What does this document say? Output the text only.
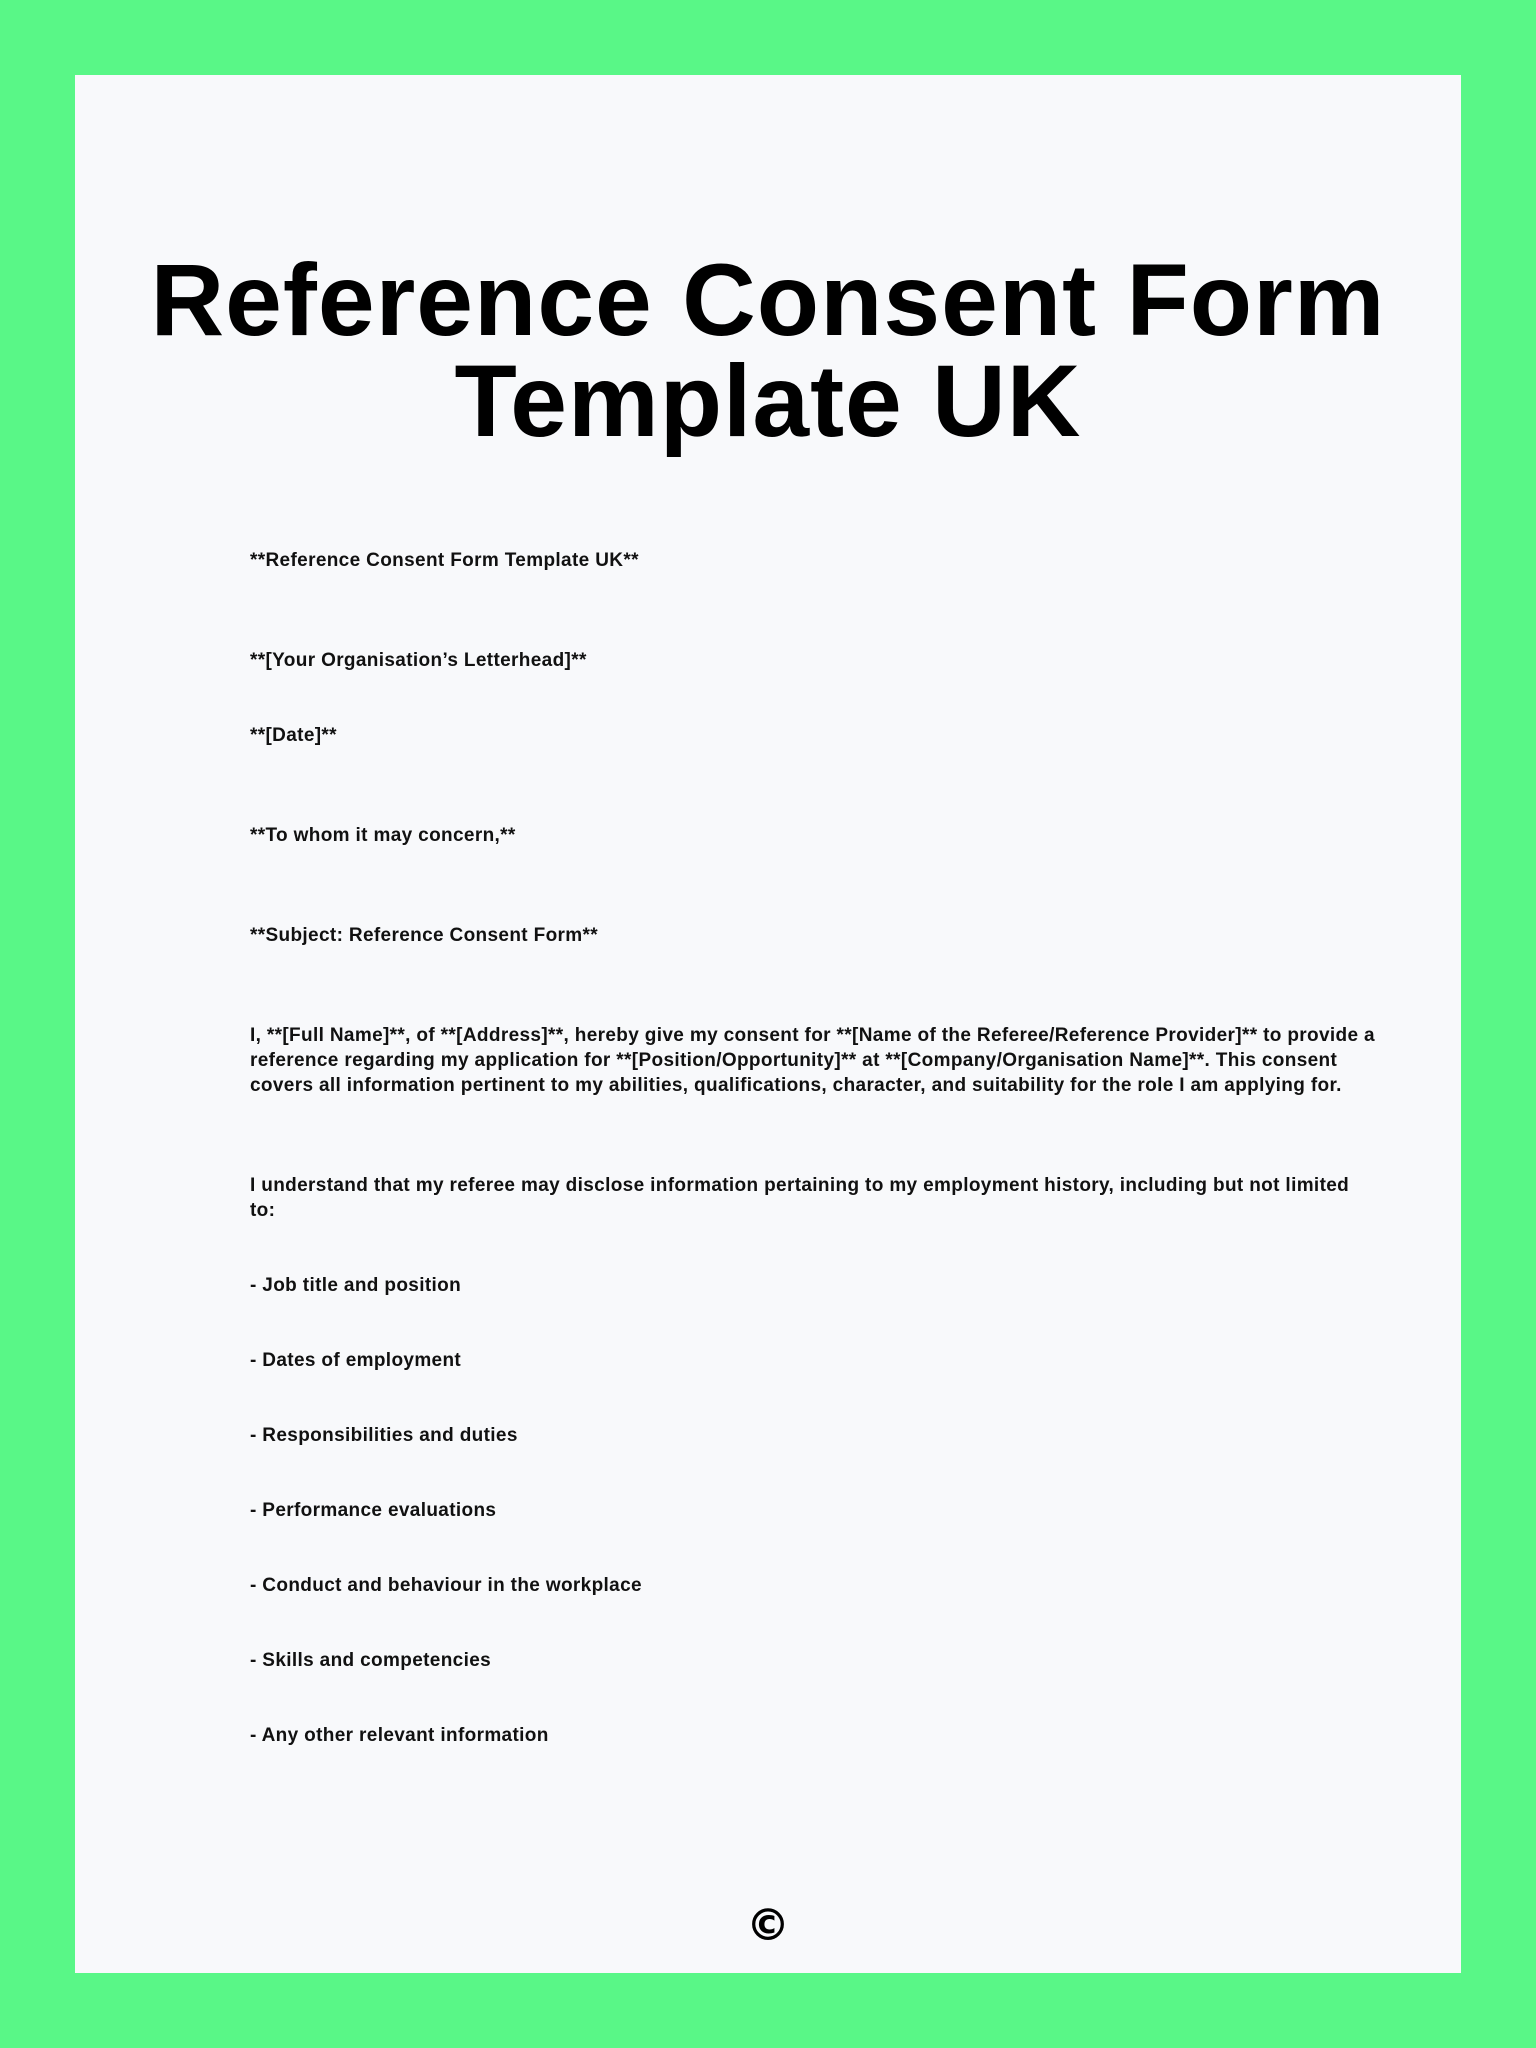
Reference Consent Form
Template UK

**Reference Consent Form Template UK**

**[Your Organisation’s Letterhead]**

**[Date]**

**To whom it may concern,**

**Subject: Reference Consent Form**

I, **[Full Name]**, of **[Address]**, hereby give my consent for **[Name of the Referee/Reference Provider]** to provide a reference regarding my application for **[Position/Opportunity]** at **[Company/Organisation Name]**. This consent covers all information pertinent to my abilities, qualifications, character, and suitability for the role I am applying for.

I understand that my referee may disclose information pertaining to my employment history, including but not limited to:

- Job title and position

- Dates of employment

- Responsibilities and duties

- Performance evaluations

- Conduct and behaviour in the workplace

- Skills and competencies

- Any other relevant information

©
